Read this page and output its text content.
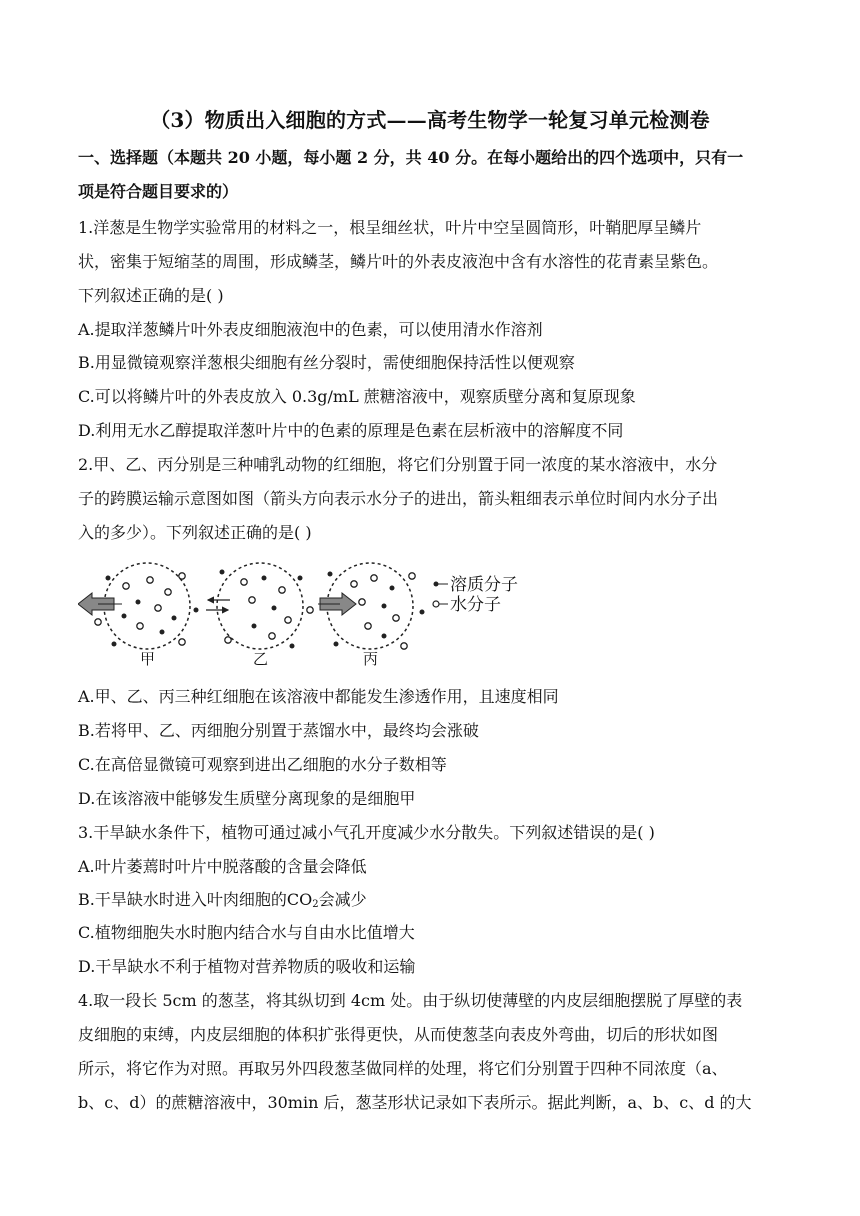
（3）物质出入细胞的方式——高考生物学一轮复习单元检测卷
一、选择题（本题共 20 小题，每小题 2 分，共 40 分。在每小题给出的四个选项中，只有一
项是符合题目要求的）
1.洋葱是生物学实验常用的材料之一，根呈细丝状，叶片中空呈圆筒形，叶鞘肥厚呈鳞片
状，密集于短缩茎的周围，形成鳞茎，鳞片叶的外表皮液泡中含有水溶性的花青素呈紫色。
下列叙述正确的是( )
A.提取洋葱鳞片叶外表皮细胞液泡中的色素，可以使用清水作溶剂
B.用显微镜观察洋葱根尖细胞有丝分裂时，需使细胞保持活性以便观察
C.可以将鳞片叶的外表皮放入 0.3g/mL 蔗糖溶液中，观察质壁分离和复原现象
D.利用无水乙醇提取洋葱叶片中的色素的原理是色素在层析液中的溶解度不同
2.甲、乙、丙分别是三种哺乳动物的红细胞，将它们分别置于同一浓度的某水溶液中，水分
子的跨膜运输示意图如图（箭头方向表示水分子的进出，箭头粗细表示单位时间内水分子出
入的多少）。下列叙述正确的是( )
溶质分子
水分子
甲	乙	丙
A.甲、乙、丙三种红细胞在该溶液中都能发生渗透作用，且速度相同
B.若将甲、乙、丙细胞分别置于蒸馏水中，最终均会涨破
C.在高倍显微镜可观察到进出乙细胞的水分子数相等
D.在该溶液中能够发生质壁分离现象的是细胞甲
3.干旱缺水条件下，植物可通过减小气孔开度减少水分散失。下列叙述错误的是( )
A.叶片萎蔫时叶片中脱落酸的含量会降低
B.干旱缺水时进入叶肉细胞的$CO_2$会减少
C.植物细胞失水时胞内结合水与自由水比值增大
D.干旱缺水不利于植物对营养物质的吸收和运输
4.取一段长 5cm 的葱茎，将其纵切到 4cm 处。由于纵切使薄壁的内皮层细胞摆脱了厚壁的表
皮细胞的束缚，内皮层细胞的体积扩张得更快，从而使葱茎向表皮外弯曲，切后的形状如图
所示，将它作为对照。再取另外四段葱茎做同样的处理，将它们分别置于四种不同浓度（a、
b、c、d）的蔗糖溶液中，30min 后，葱茎形状记录如下表所示。据此判断，a、b、c、d 的大
